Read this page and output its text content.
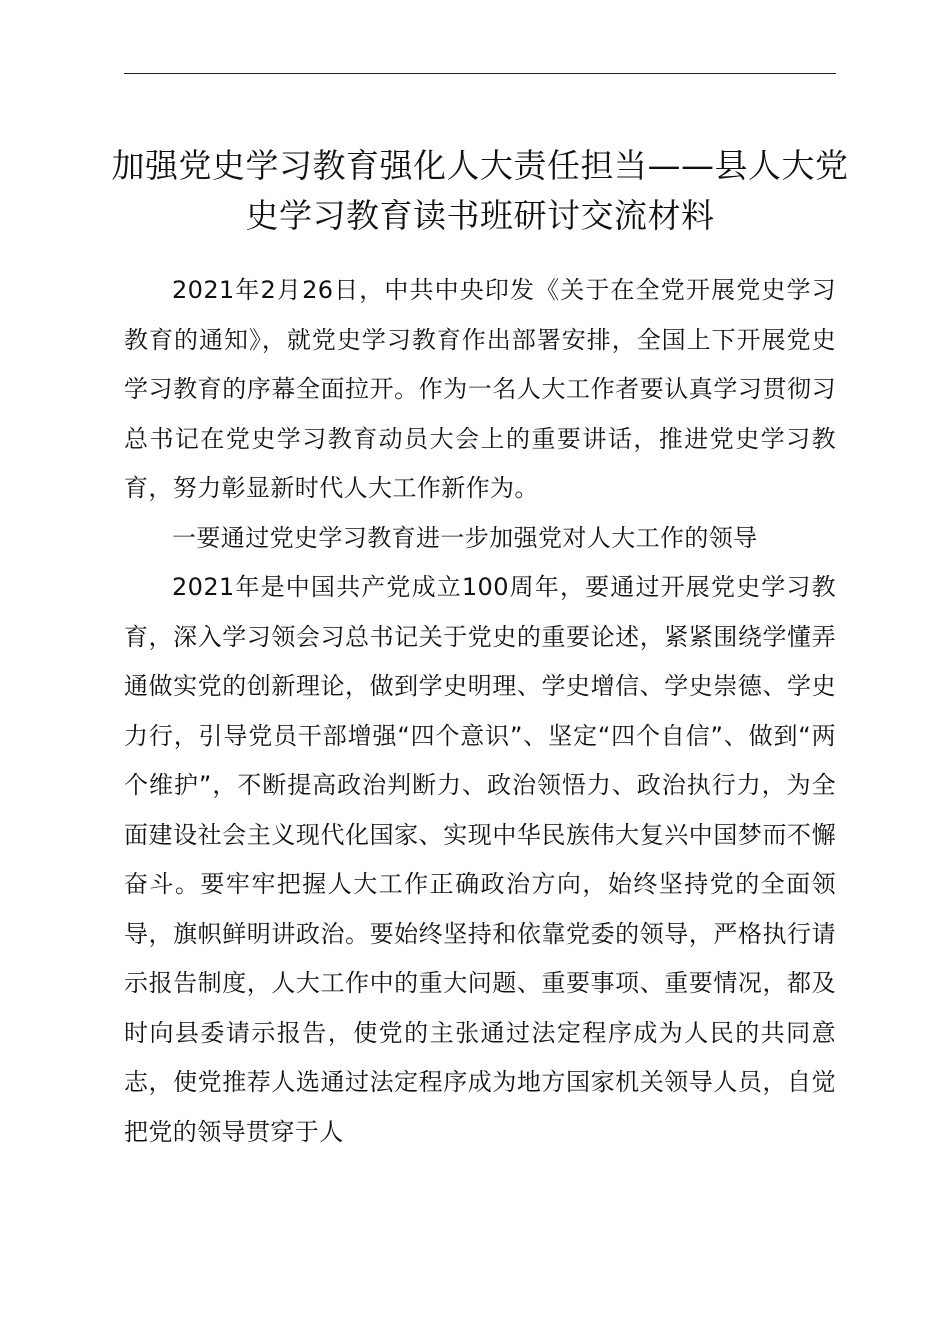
加强党史学习教育强化人大责任担当——县人大党史学习教育读书班研讨交流材料

2021年2月26日，中共中央印发《关于在全党开展党史学习教育的通知》，就党史学习教育作出部署安排，全国上下开展党史学习教育的序幕全面拉开。作为一名人大工作者要认真学习贯彻习总书记在党史学习教育动员大会上的重要讲话，推进党史学习教育，努力彰显新时代人大工作新作为。

一要通过党史学习教育进一步加强党对人大工作的领导

2021年是中国共产党成立100周年，要通过开展党史学习教育，深入学习领会习总书记关于党史的重要论述，紧紧围绕学懂弄通做实党的创新理论，做到学史明理、学史增信、学史崇德、学史力行，引导党员干部增强“四个意识”、坚定“四个自信”、做到“两个维护”，不断提高政治判断力、政治领悟力、政治执行力，为全面建设社会主义现代化国家、实现中华民族伟大复兴中国梦而不懈奋斗。要牢牢把握人大工作正确政治方向，始终坚持党的全面领导，旗帜鲜明讲政治。要始终坚持和依靠党委的领导，严格执行请示报告制度，人大工作中的重大问题、重要事项、重要情况，都及时向县委请示报告，使党的主张通过法定程序成为人民的共同意志，使党推荐人选通过法定程序成为地方国家机关领导人员，自觉把党的领导贯穿于人
